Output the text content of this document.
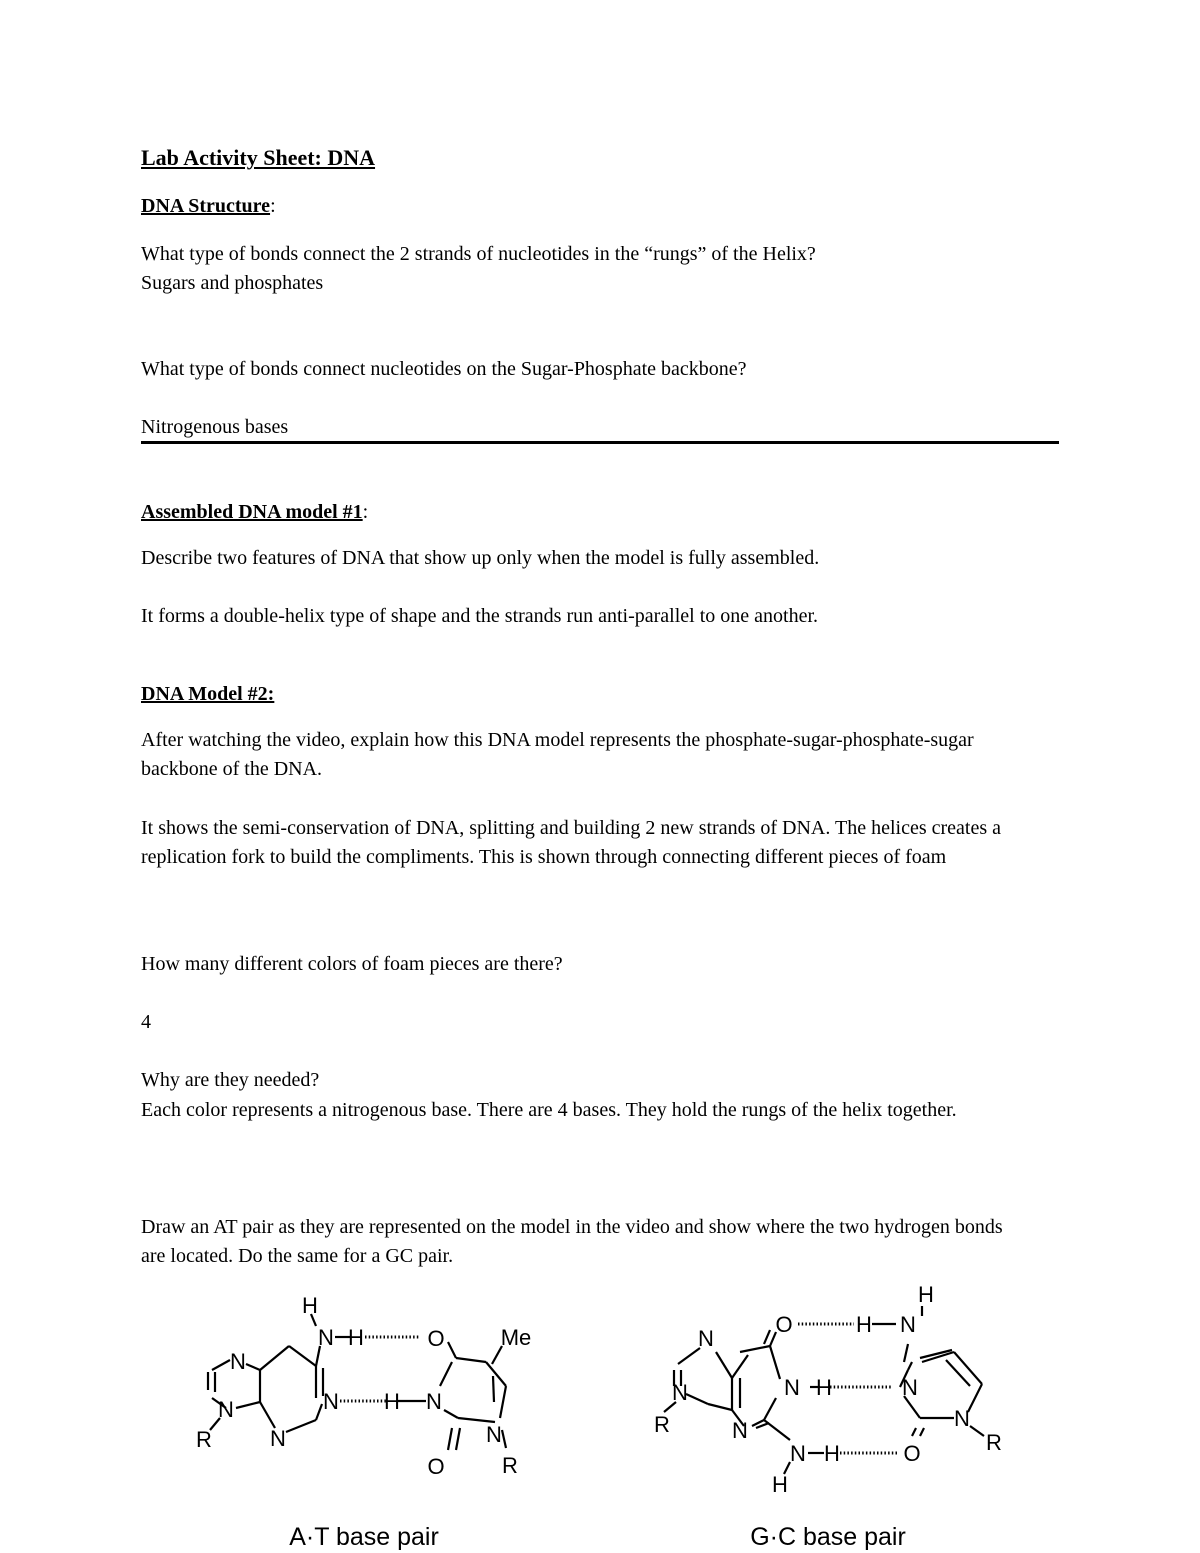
Lab Activity Sheet: DNA
DNA Structure:
What type of bonds connect the 2 strands of nucleotides in the “rungs” of the Helix?
Sugars and phosphates
What type of bonds connect nucleotides on the Sugar-Phosphate backbone?
Nitrogenous bases
Assembled DNA model #1:
Describe two features of DNA that show up only when the model is fully assembled.
It forms a double-helix type of shape and the strands run anti-parallel to one another.
DNA Model #2:
After watching the video, explain how this DNA model represents the phosphate-sugar-phosphate-sugar backbone of the DNA.
It shows the semi-conservation of DNA, splitting and building 2 new strands of DNA. The helices creates a replication fork to build the compliments. This is shown through connecting different pieces of foam
How many different colors of foam pieces are there?
4
Why are they needed?
Each color represents a nitrogenous base. There are 4 bases. They hold the rungs of the helix together.
Draw an AT pair as they are represented on the model in the video and show where the two hydrogen bonds are located. Do the same for a GC pair.
H
N H	O	Me
N
N H N
N
N
R	N
O	R
A·T base pair
H
O	H N
N
N H	N
N
N
N
R
R
N H	O
H
G·C base pair
